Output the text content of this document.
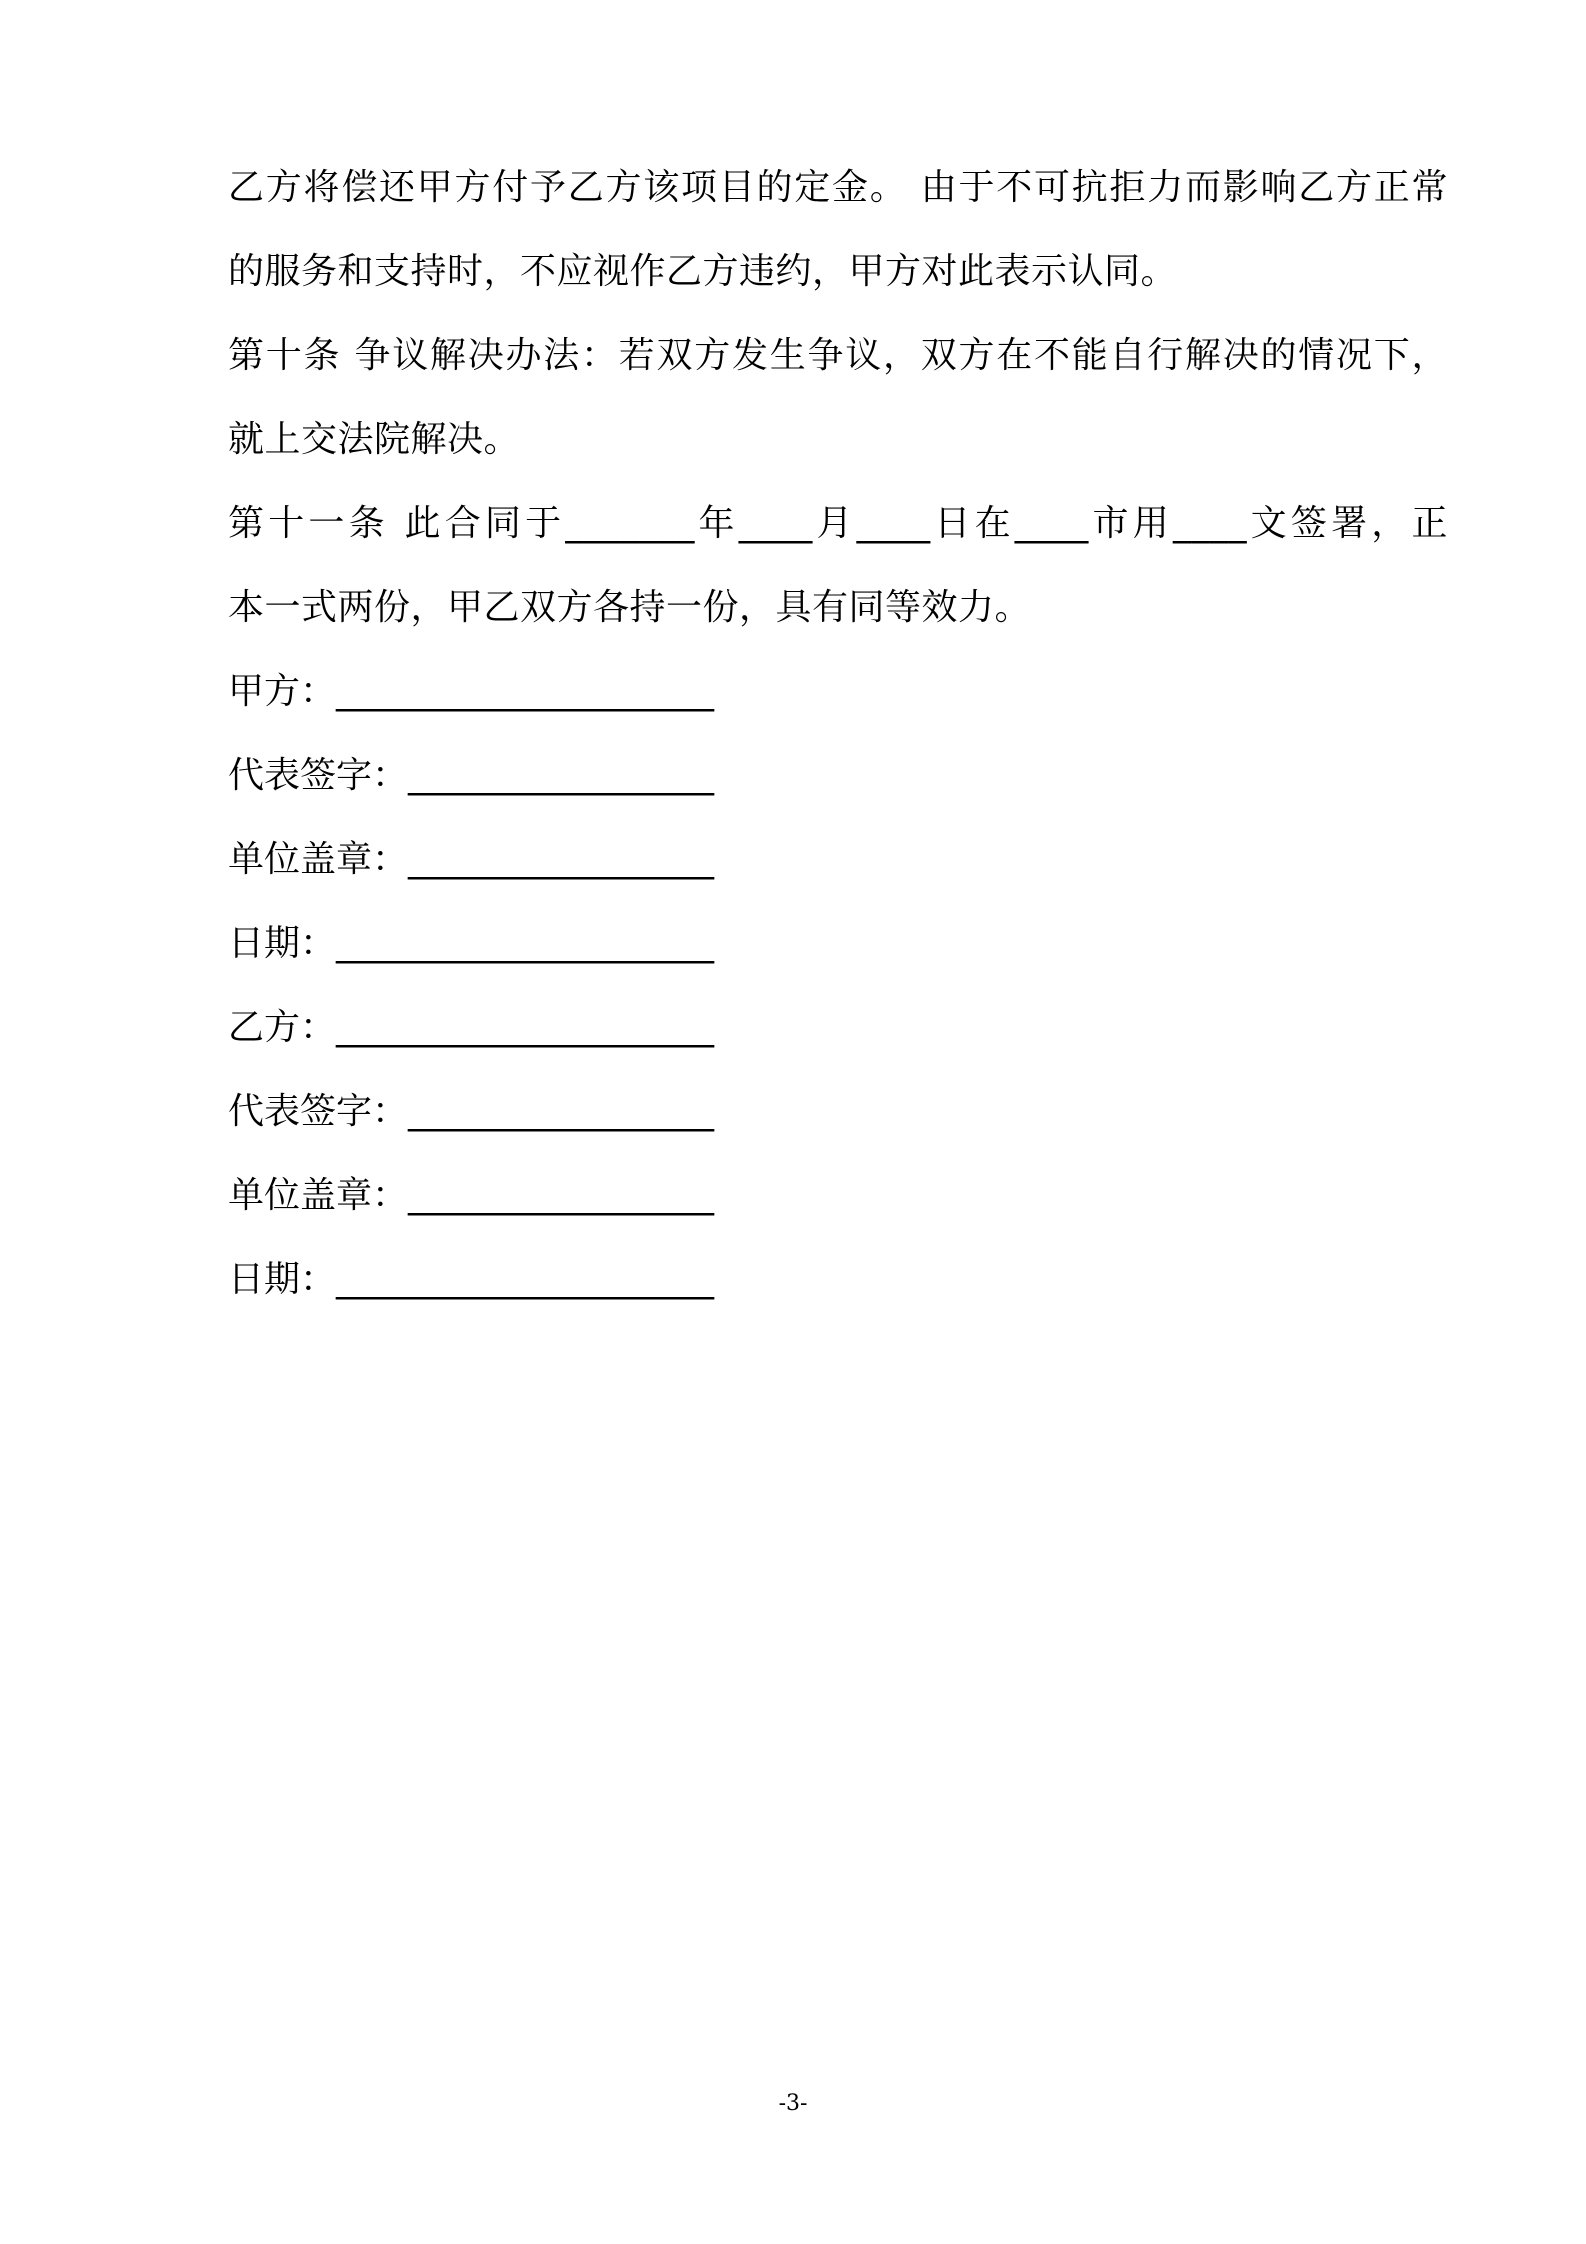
乙方将偿还甲方付予乙方该项目的定金。 由于不可抗拒力而影响乙方正常
的服务和支持时，不应视作乙方违约，甲方对此表示认同。
第十条 争议解决办法：若双方发生争议，双方在不能自行解决的情况下，
就上交法院解决。
第十一条 此合同于_______年____月____日在____市用____文签署，正
本一式两份，甲乙双方各持一份，具有同等效力。
甲方：_____________________
代表签字：_________________
单位盖章：_________________
日期：_____________________
乙方：_____________________
代表签字：_________________
单位盖章：_________________
日期：_____________________
-3-
